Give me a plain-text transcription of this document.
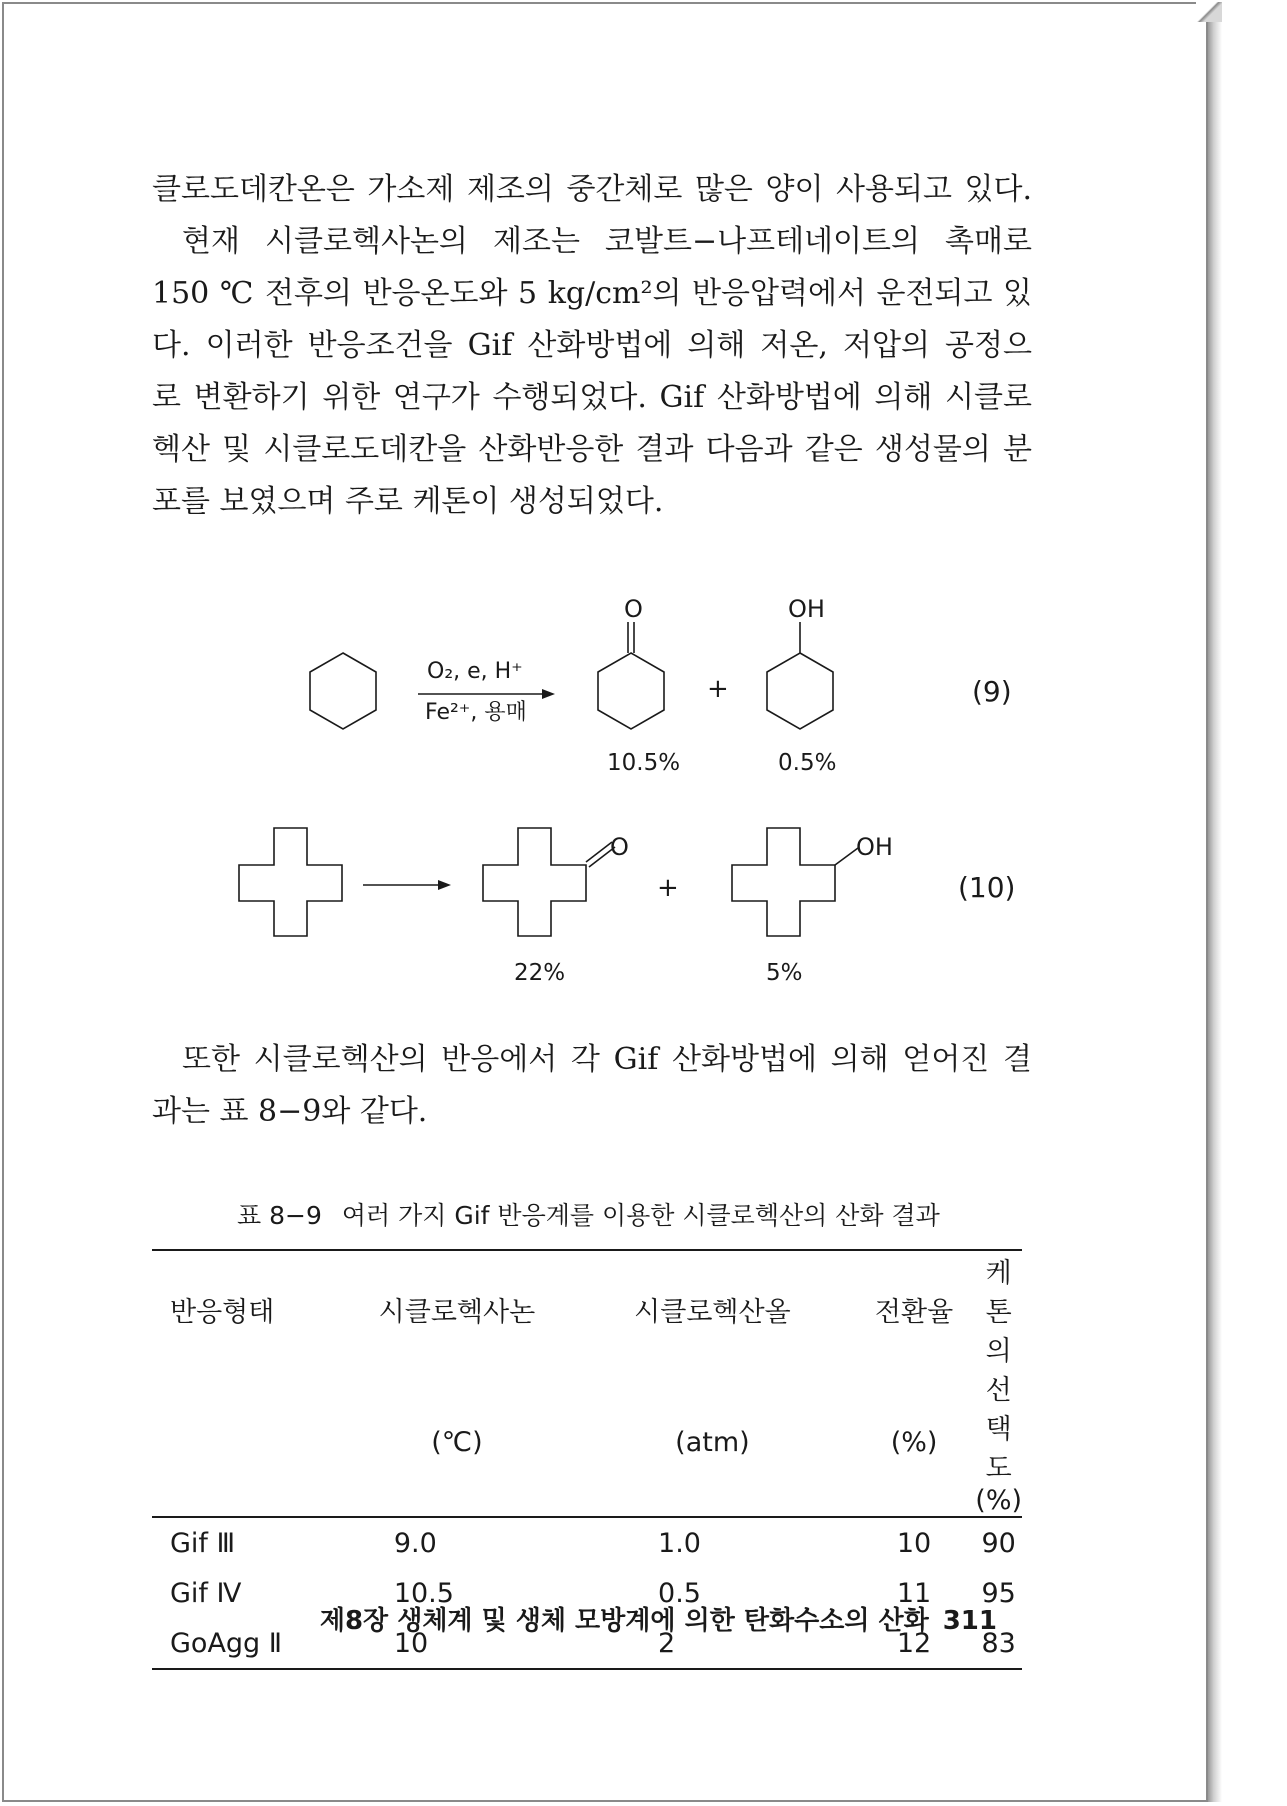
클로도데칸온은 가소제 제조의 중간체로 많은 양이 사용되고 있다.
현재 시클로헥사논의 제조는 코발트−나프테네이트의 촉매로
150 ℃ 전후의 반응온도와 5 kg/cm²의 반응압력에서 운전되고 있
다. 이러한 반응조건을 Gif 산화방법에 의해 저온, 저압의 공정으
로 변환하기 위한 연구가 수행되었다. Gif 산화방법에 의해 시클로
헥산 및 시클로도데칸을 산화반응한 결과 다음과 같은 생성물의 분
포를 보였으며 주로 케톤이 생성되었다.
O₂, e, H⁺
Fe²⁺, 용매
O	OH
+	(9)
10.5%	0.5%
O	OH
+	(10)
22%	5%
또한 시클로헥산의 반응에서 각 Gif 산화방법에 의해 얻어진 결
과는 표 8−9와 같다.
표 8−9 여러 가지 Gif 반응계를 이용한 시클로헥산의 산화 결과
반응형태	시클로헥사논	시클로헥산올	전환율	케톤의
	(℃)	(atm)	(%)	선택도(%)
Gif Ⅲ	9.0	1.0	10	90
Gif Ⅳ	10.5	0.5	11	95
GoAgg Ⅱ	10	2	12	83
제8장 생체계 및 생체 모방계에 의한 탄화수소의 산화 311
